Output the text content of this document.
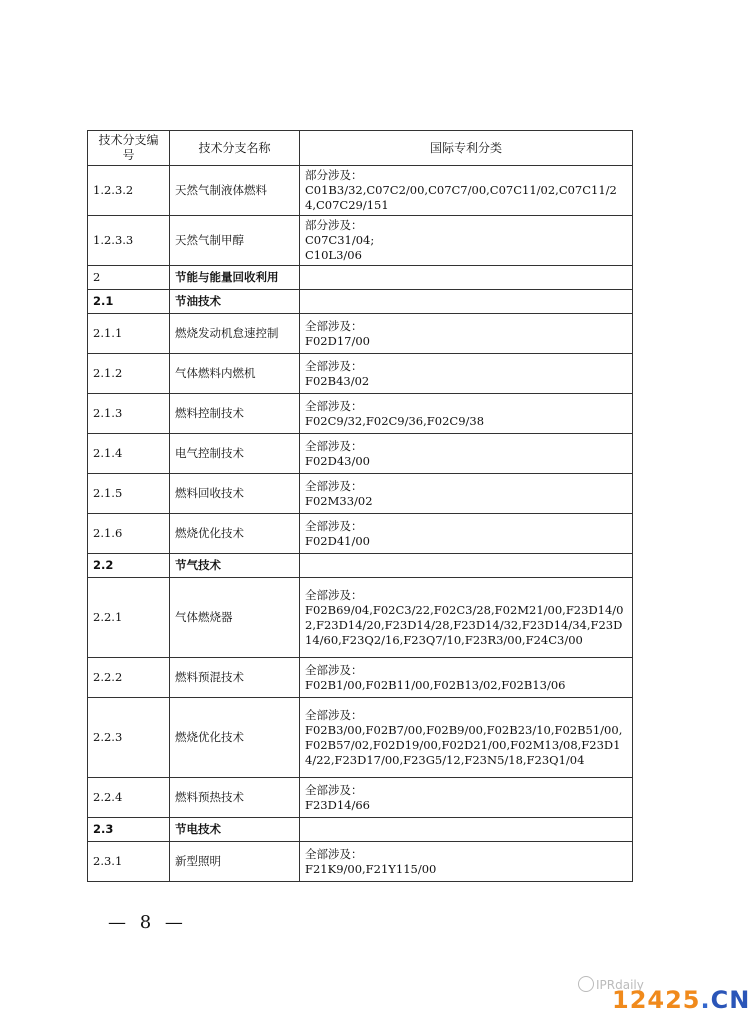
技术分支编号	技术分支名称	国际专利分类
1.2.3.2	天然气制液体燃料	部分涉及：
C01B3/32,C07C2/00,C07C7/00,C07C11/02,C07C11/24,C07C29/151

1.2.3.3	天然气制甲醇	部分涉及：
C07C31/04;
C10L3/06

2	节能与能量回收利用	
2.1	节油技术	
2.1.1	燃烧发动机怠速控制	全部涉及：
F02D17/00

2.1.2	气体燃料内燃机	全部涉及：
F02B43/02

2.1.3	燃料控制技术	全部涉及：
F02C9/32,F02C9/36,F02C9/38

2.1.4	电气控制技术	全部涉及：
F02D43/00

2.1.5	燃料回收技术	全部涉及：
F02M33/02

2.1.6	燃烧优化技术	全部涉及：
F02D41/00

2.2	节气技术	
2.2.1	气体燃烧器	全部涉及：
F02B69/04,F02C3/22,F02C3/28,F02M21/00,F23D14/02,F23D14/20,F23D14/28,F23D14/32,F23D14/34,F23D14/60,F23Q2/16,F23Q7/10,F23R3/00,F24C3/00

2.2.2	燃料预混技术	全部涉及：
F02B1/00,F02B11/00,F02B13/02,F02B13/06

2.2.3	燃烧优化技术	全部涉及：
F02B3/00,F02B7/00,F02B9/00,F02B23/10,F02B51/00,F02B57/02,F02D19/00,F02D21/00,F02M13/08,F23D14/22,F23D17/00,F23G5/12,F23N5/18,F23Q1/04

2.2.4	燃料预热技术	全部涉及：
F23D14/66

2.3	节电技术	
2.3.1	新型照明	全部涉及：
F21K9/00,F21Y115/00
— 8 —
IPRdaily
12425.CN
